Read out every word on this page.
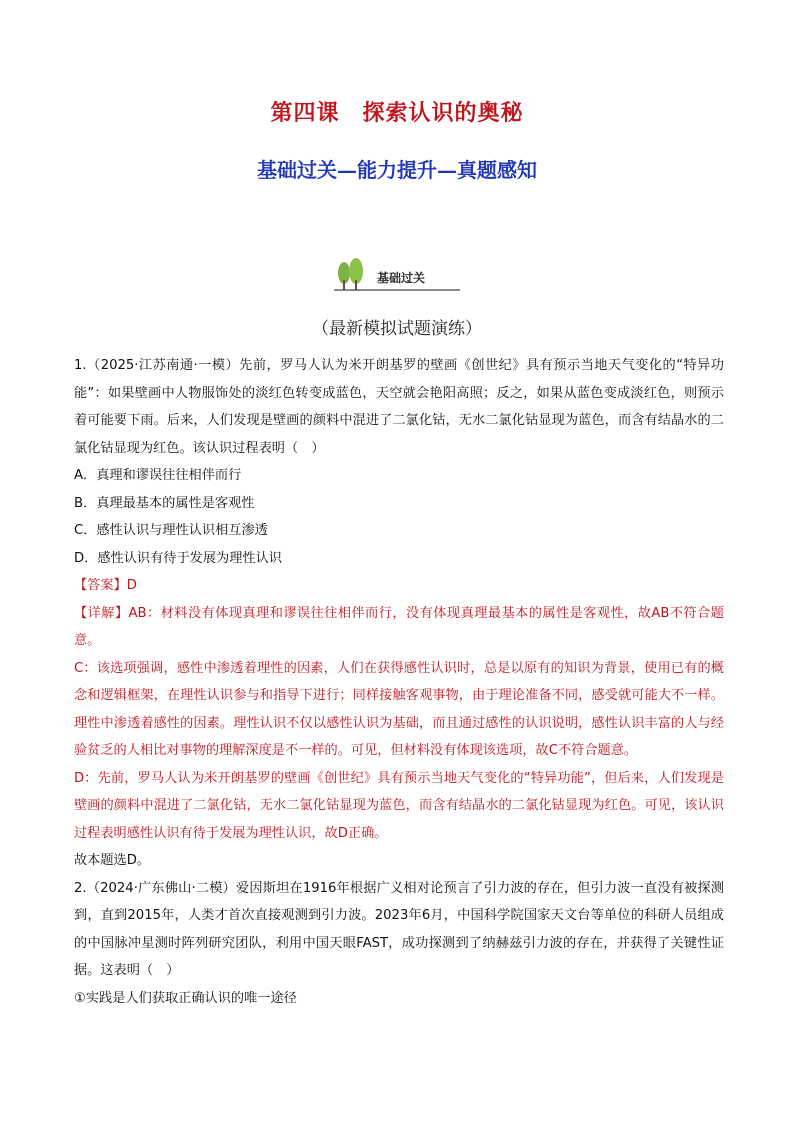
第四课　探索认识的奥秘
基础过关—能力提升—真题感知
基础过关
（最新模拟试题演练）

1.（2025·江苏南通·一模）先前，罗马人认为米开朗基罗的壁画《创世纪》具有预示当地天气变化的“特异功能”：如果壁画中人物服饰处的淡红色转变成蓝色，天空就会艳阳高照；反之，如果从蓝色变成淡红色，则预示着可能要下雨。后来，人们发现是壁画的颜料中混进了二氯化钴，无水二氯化钴显现为蓝色，而含有结晶水的二氯化钴显现为红色。该认识过程表明（　）

A．真理和谬误往往相伴而行

B．真理最基本的属性是客观性

C．感性认识与理性认识相互渗透

D．感性认识有待于发展为理性认识

【答案】D

【详解】AB：材料没有体现真理和谬误往往相伴而行，没有体现真理最基本的属性是客观性，故AB不符合题意。

C：该选项强调，感性中渗透着理性的因素，人们在获得感性认识时，总是以原有的知识为背景，使用已有的概念和逻辑框架，在理性认识参与和指导下进行；同样接触客观事物，由于理论准备不同，感受就可能大不一样。理性中渗透着感性的因素。理性认识不仅以感性认识为基础，而且通过感性的认识说明，感性认识丰富的人与经验贫乏的人相比对事物的理解深度是不一样的。可见，但材料没有体现该选项，故C不符合题意。

D：先前，罗马人认为米开朗基罗的壁画《创世纪》具有预示当地天气变化的“特异功能”，但后来，人们发现是壁画的颜料中混进了二氯化钴，无水二氯化钴显现为蓝色，而含有结晶水的二氯化钴显现为红色。可见，该认识过程表明感性认识有待于发展为理性认识，故D正确。

故本题选D。

2.（2024·广东佛山·二模）爱因斯坦在1916年根据广义相对论预言了引力波的存在，但引力波一直没有被探测到，直到2015年，人类才首次直接观测到引力波。2023年6月，中国科学院国家天文台等单位的科研人员组成的中国脉冲星测时阵列研究团队，利用中国天眼FAST，成功探测到了纳赫兹引力波的存在，并获得了关键性证据。这表明（　）

①实践是人们获取正确认识的唯一途径
